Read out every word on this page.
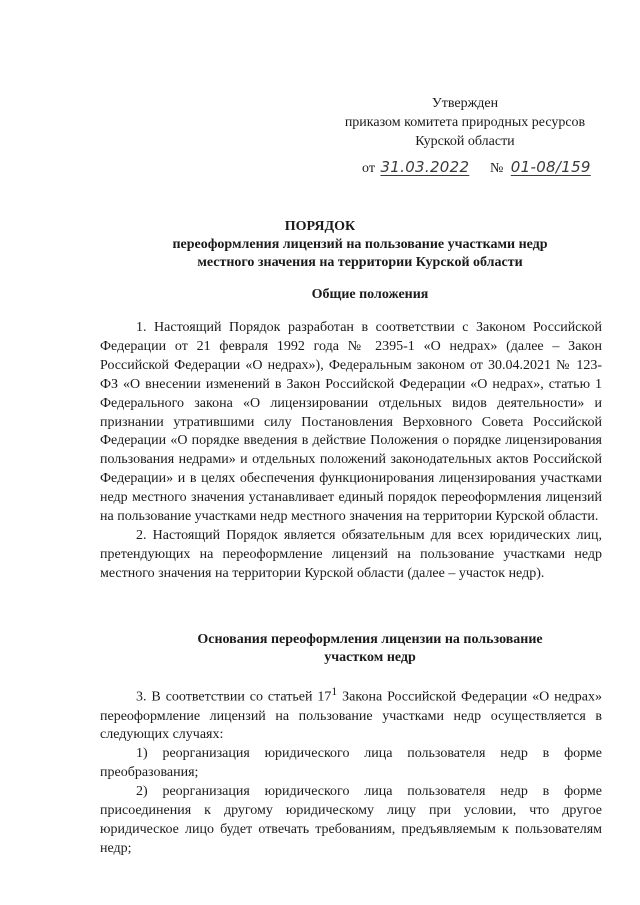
Утвержден
приказом комитета природных ресурсов
Курской области
от 31.03.2022 № 01-08/159
ПОРЯДОК
переоформления лицензий на пользование участками недр
местного значения на территории Курской области
Общие положения

1. Настоящий Порядок разработан в соответствии с Законом Российской Федерации от 21 февраля 1992 года № 2395-1 «О недрах» (далее – Закон Российской Федерации «О недрах»), Федеральным законом от 30.04.2021 № 123-ФЗ «О внесении изменений в Закон Российской Федерации «О недрах», статью 1 Федерального закона «О лицензировании отдельных видов деятельности» и признании утратившими силу Постановления Верховного Совета Российской Федерации «О порядке введения в действие Положения о порядке лицензирования пользования недрами» и отдельных положений законодательных актов Российской Федерации» и в целях обеспечения функционирования лицензирования участками недр местного значения устанавливает единый порядок переоформления лицензий на пользование участками недр местного значения на территории Курской области.

2. Настоящий Порядок является обязательным для всех юридических лиц, претендующих на переоформление лицензий на пользование участками недр местного значения на территории Курской области (далее – участок недр).

Основания переоформления лицензии на пользование
участком недр

3. В соответствии со статьей $17^1$ Закона Российской Федерации «О недрах» переоформление лицензий на пользование участками недр осуществляется в следующих случаях:

1) реорганизация юридического лица пользователя недр в форме преобразования;

2) реорганизация юридического лица пользователя недр в форме присоединения к другому юридическому лицу при условии, что другое юридическое лицо будет отвечать требованиям, предъявляемым к пользователям недр;
